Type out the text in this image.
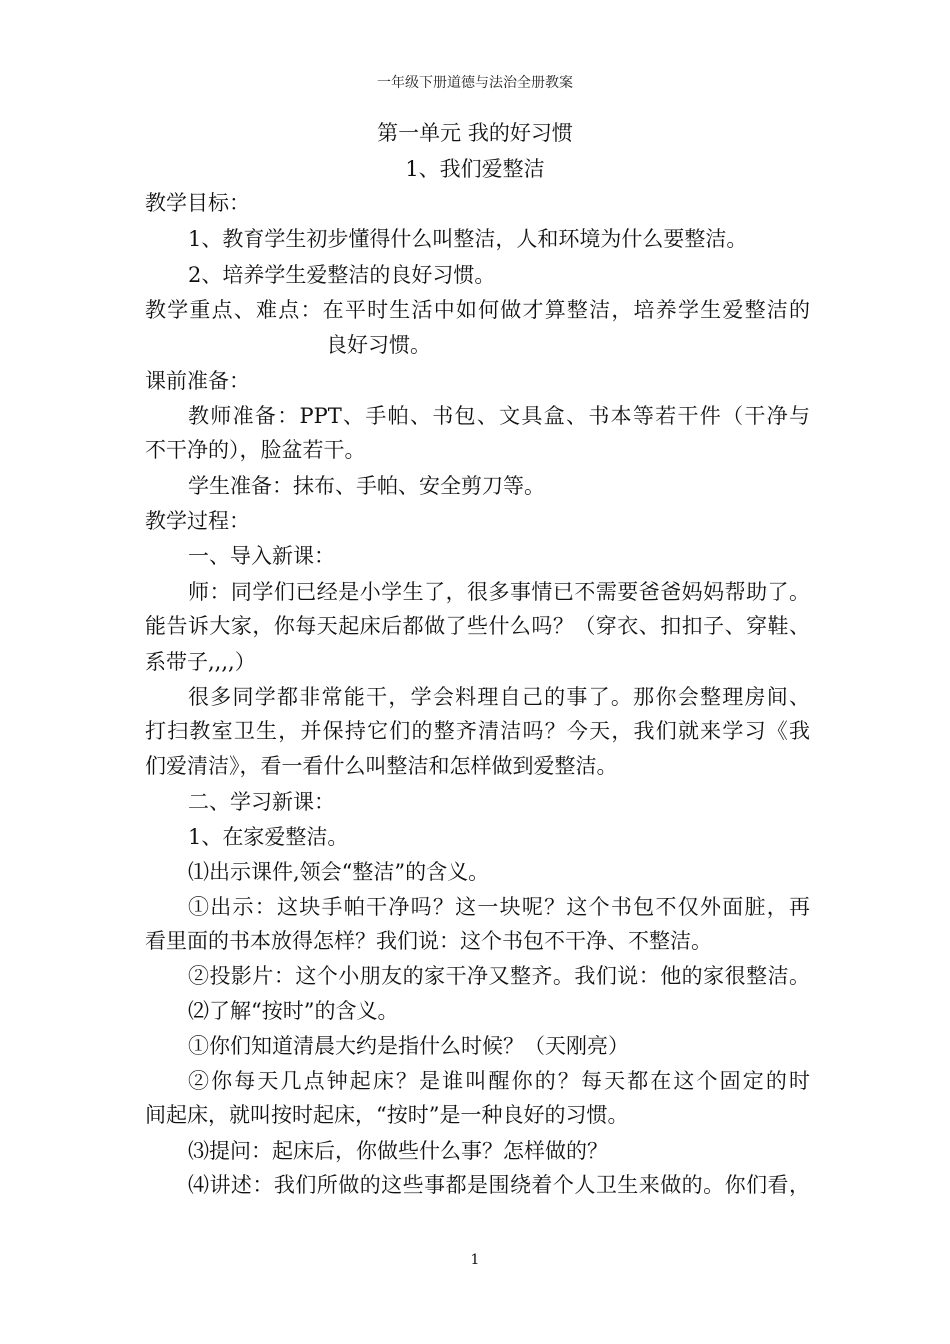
一年级下册道德与法治全册教案
第一单元 我的好习惯
1、我们爱整洁
教学目标：
1、教育学生初步懂得什么叫整洁，人和环境为什么要整洁。
2、培养学生爱整洁的良好习惯。
教学重点、难点：在平时生活中如何做才算整洁，培养学生爱整洁的
良好习惯。
课前准备：
教师准备：PPT、手帕、书包、文具盒、书本等若干件（干净与
不干净的），脸盆若干。
学生准备：抹布、手帕、安全剪刀等。
教学过程：
一、导入新课：
师：同学们已经是小学生了，很多事情已不需要爸爸妈妈帮助了。
能告诉大家，你每天起床后都做了些什么吗？（穿衣、扣扣子、穿鞋、
系带子,,,,）
很多同学都非常能干，学会料理自己的事了。那你会整理房间、
打扫教室卫生，并保持它们的整齐清洁吗？今天，我们就来学习《我
们爱清洁》，看一看什么叫整洁和怎样做到爱整洁。
二、学习新课：
1、在家爱整洁。
⑴出示课件,领会“整洁”的含义。
①出示：这块手帕干净吗？这一块呢？这个书包不仅外面脏，再
看里面的书本放得怎样？我们说：这个书包不干净、不整洁。
②投影片：这个小朋友的家干净又整齐。我们说：他的家很整洁。
⑵了解“按时”的含义。
①你们知道清晨大约是指什么时候？（天刚亮）
②你每天几点钟起床？是谁叫醒你的？每天都在这个固定的时
间起床，就叫按时起床，“按时”是一种良好的习惯。
⑶提问：起床后，你做些什么事？怎样做的？
⑷讲述：我们所做的这些事都是围绕着个人卫生来做的。你们看，
1
